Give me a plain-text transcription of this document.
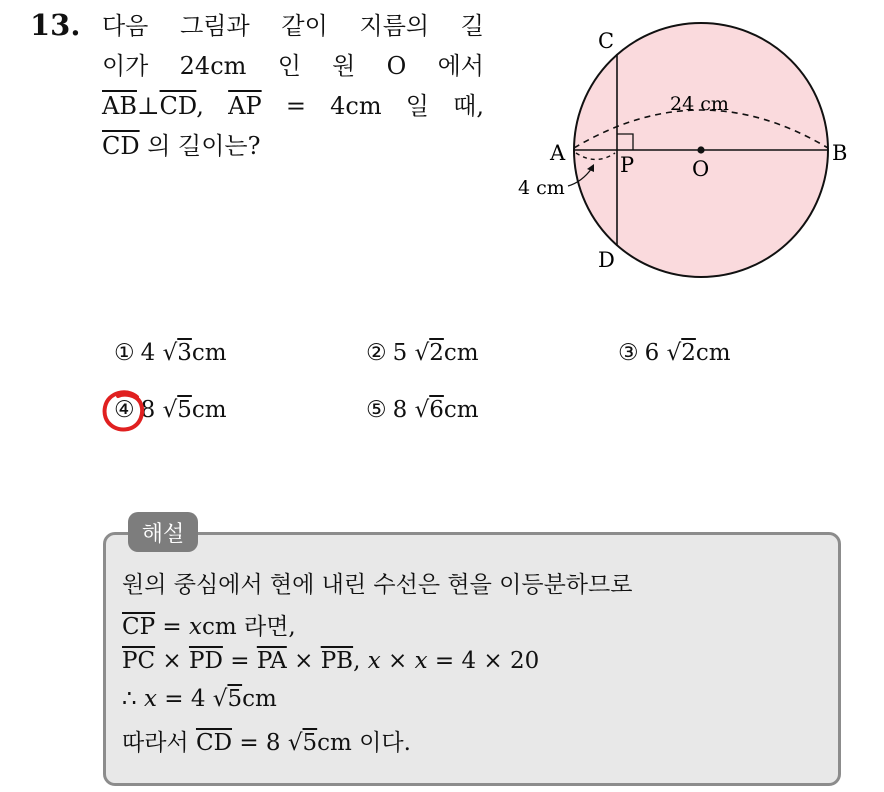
13. 다음 그림과 같이 지름의 길
이가 24cm 인 원 O 에서
$\overline{AB}\perp\overline{CD}$, $\overline{AP} = 4cm$ 일 때,
$\overline{CD}$ 의 길이는?
C
A	P	O
B
D
24 cm
4 cm
① 4 √3cm	② 5 √2cm	③ 6 √2cm
④ 8 √5cm	⑤ 8 √6cm
해설
원의 중심에서 현에 내린 수선은 현을 이등분하므로
$\overline{CP}$ = xcm 라면,
$\overline{PC} \times \overline{PD} = \overline{PA} \times \overline{PB}$, x × x = 4 × 20
∴ x = 4 √5cm
따라서 $\overline{CD} = 8$ √5cm 이다.
